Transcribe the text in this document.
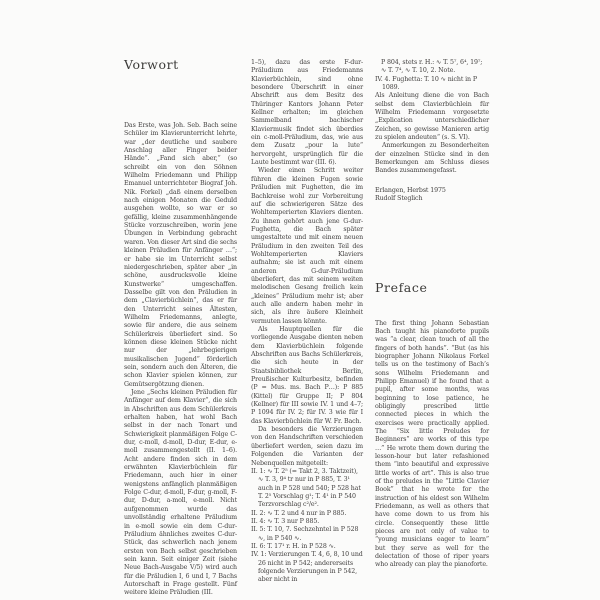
Vorwort

Das Erste, was Joh. Seb. Bach seine Schüler im Klavierunterricht lehrte, war „der deutliche und saubere Anschlag aller Finger beider Hände“. „Fand sich aber,“ (so schreibt ein von den Söhnen Wilhelm Friedemann und Philipp Emanuel unterrichteter Biograf Joh. Nik. Forkel) „daß einem derselben nach einigen Monaten die Geduld ausgehen wollte, so war er so gefällig, kleine zusammenhängende Stücke vorzuschreiben, worin jene Übungen in Verbindung gebracht waren. Von dieser Art sind die sechs kleinen Präludien für Anfänger …“; er habe sie im Unterricht selbst niedergeschrieben, später aber „in schöne, ausdrucksvolle kleine Kunstwerke“ umgeschaffen. Dasselbe gilt von den Präludien in dem „Clavierbüchlein“, das er für den Unterricht seines Ältesten, Wilhelm Friedemanns, anlegte, sowie für andere, die aus seinem Schülerkreis überliefert sind. So können diese kleinen Stücke nicht nur der „lehrbegierigen musikalischen Jugend“ förderlich sein, sondern auch den Älteren, die schon Klavier spielen können, zur Gemütsergötzung dienen.

Jene „Sechs kleinen Präludien für Anfänger auf dem Klavier“, die sich in Abschriften aus dem Schülerkreis erhalten haben, hat wohl Bach selbst in der nach Tonart und Schwierigkeit planmäßigen Folge C-dur, c-moll, d-moll, D-dur, E-dur, e-moll zusammengestellt (II. 1–6). Acht andere finden sich in dem erwähnten Klavierbüchlein für Friedemann, auch hier in einer wenigstens anfänglich planmäßigen Folge C-dur, d-moll, F-dur, g-moll, F-dur, D-dur, a-moll, e-moll. Nicht aufgenommen wurde das unvollständig erhaltene Präludium in e-moll sowie ein dem C-dur-Präludium ähnliches zweites C-dur-Stück, das schwerlich nach jenem ersten von Bach selbst geschrieben sein kann. Seit einiger Zeit (siehe Neue Bach-Ausgabe V/5) wird auch für die Präludien I, 6 und I, 7 Bachs Autorschaft in Frage gestellt. Fünf weitere kleine Präludien (III.

1–5), dazu das erste F-dur-Präludium aus Friedemanns Klavierbüchlein, sind ohne besondere Überschrift in einer Abschrift aus dem Besitz des Thüringer Kantors Johann Peter Kellner erhalten; im gleichen Sammelband bachischer Klaviermusik findet sich überdies ein c-moll-Präludium, das, wie aus dem Zusatz „pour la lute“ hervorgeht, ursprünglich für die Laute bestimmt war (III. 6).

Wieder einen Schritt weiter führen die kleinen Fugen sowie Präludien mit Fughetten, die im Bachkreise wohl zur Vorbereitung auf die schwierigeren Sätze des Wohltemperierten Klaviers dienten. Zu ihnen gehört auch jene G-dur-Fughetta, die Bach später umgestaltete und mit einem neuen Präludium in den zweiten Teil des Wohltemperierten Klaviers aufnahm; sie ist auch mit einem anderen G-dur-Präludium überliefert, das mit seinem weiten melodischen Gesang freilich kein „kleines“ Präludium mehr ist; aber auch alle andern haben mehr in sich, als ihre äußere Kleinheit vermuten lassen könnte.

Als Hauptquellen für die vorliegende Ausgabe dienten neben dem Klavierbüchlein folgende Abschriften aus Bachs Schülerkreis, die sich heute in der Staatsbibliothek Berlin, Preußischer Kulturbesitz, befinden (P = Mus. ms. Bach P…): P 885 (Kittel) für Gruppe II; P 804 (Kellner) für III sowie IV. 1 und 4–7; P 1094 für IV. 2; für IV. 3 wie für I das Klavierbüchlein für W. Fr. Bach.

Da besonders die Verzierungen von den Handschriften verschieden überliefert werden, seien dazu im Folgenden die Varianten der Nebenquellen mitgeteilt:

II. 1: ∿ T. 2⁵ (= Takt 2, 3. Taktzeit), ∿ T. 3, 9⁴ tr nur in P 885, T. 3¹ auch in P 528 und 540; P 528 hat T. 2⁵ Vorschlag g¹; T. 4¹ in P 540 Terzvorschlag c²/e².

II. 2: ∿ T. 2 und 4 nur in P 885.

II. 4: ∿ T. 3 nur P 885.

II. 5: T. 10, 7. Sechzehntel in P 528 ∿, in P 540 ∿.

II. 6: T. 17¹ r. H. in P 528 ∿.

IV. 1: Verzierungen T. 4, 6, 8, 10 und 26 nicht in P 542; andererseits folgende Verzierungen in P 542, aber nicht in

P 804, stets r. H.: ∿ T. 5⁷, 6⁴, 19⁷; ∿ T. 7⁴, ∿ T. 10, 2. Note.

IV. 4. Fughetta: T. 10 ∿ nicht in P 1089.

Als Anleitung diene die von Bach selbst dem Clavierbüchlein für Wilhelm Friedemann vorgesetzte „Explication unterschiedlicher Zeichen, so gewisse Manieren artig zu spielen andeuten“ (s. S. VI).

Anmerkungen zu Besonderheiten der einzelnen Stücke sind in den Bemerkungen am Schluss dieses Bandes zusammengefasst.

Erlangen, Herbst 1975

Rudolf Steglich

Preface

The first thing Johann Sebastian Bach taught his pianoforte pupils was “a clear, clean touch of all the fingers of both hands”. “But (as his biographer Johann Nikolaus Forkel tells us on the testimony of Bach’s sons Wilhelm Friedemann and Philipp Emanuel) if he found that a pupil, after some months, was beginning to lose patience, he obligingly prescribed little connected pieces in which the exercises were practically applied. The “Six little Preludes for Beginners” are works of this type …” He wrote them down during the lesson-hour but later refashioned them “into beautiful and expressive little works of art”. This is also true of the preludes in the “Little Clavier Book” that he wrote for the instruction of his eldest son Wilhelm Friedemann, as well as others that have come down to us from his circle. Consequently these little pieces are not only of value to “young musicians eager to learn” but they serve as well for the delectation of those of riper years who already can play the pianoforte.
